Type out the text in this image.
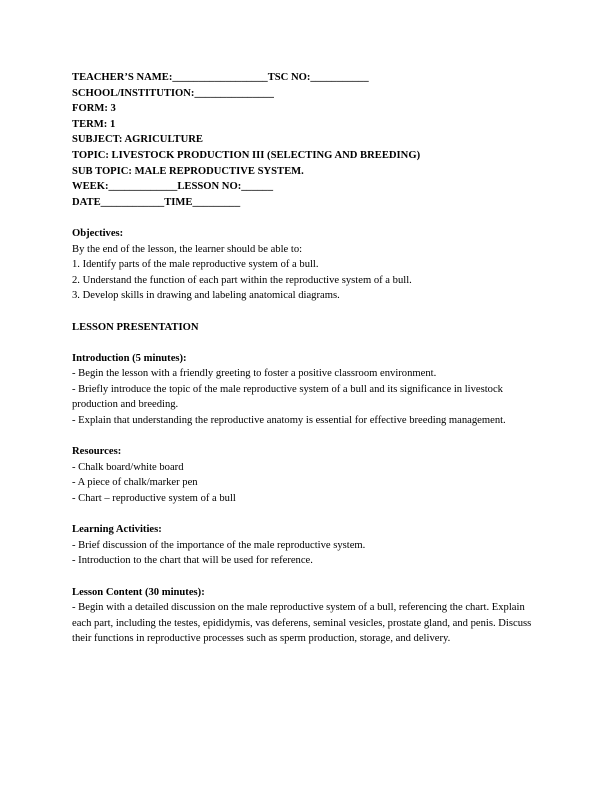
TEACHER’S NAME:__________________TSC NO:___________
SCHOOL/INSTITUTION:_______________
FORM: 3
TERM: 1
SUBJECT: AGRICULTURE
TOPIC: LIVESTOCK PRODUCTION III (SELECTING AND BREEDING)
SUB TOPIC: MALE REPRODUCTIVE SYSTEM.
WEEK:_____________LESSON NO:______
DATE____________TIME_________
Objectives:
By the end of the lesson, the learner should be able to:
1. Identify parts of the male reproductive system of a bull.
2. Understand the function of each part within the reproductive system of a bull.
3. Develop skills in drawing and labeling anatomical diagrams.
LESSON PRESENTATION
Introduction (5 minutes):
- Begin the lesson with a friendly greeting to foster a positive classroom environment.
- Briefly introduce the topic of the male reproductive system of a bull and its significance in livestock production and breeding.
- Explain that understanding the reproductive anatomy is essential for effective breeding management.
Resources:
- Chalk board/white board
- A piece of chalk/marker pen
- Chart – reproductive system of a bull
Learning Activities:
- Brief discussion of the importance of the male reproductive system.
- Introduction to the chart that will be used for reference.
Lesson Content (30 minutes):
- Begin with a detailed discussion on the male reproductive system of a bull, referencing the chart. Explain each part, including the testes, epididymis, vas deferens, seminal vesicles, prostate gland, and penis. Discuss their functions in reproductive processes such as sperm production, storage, and delivery.
